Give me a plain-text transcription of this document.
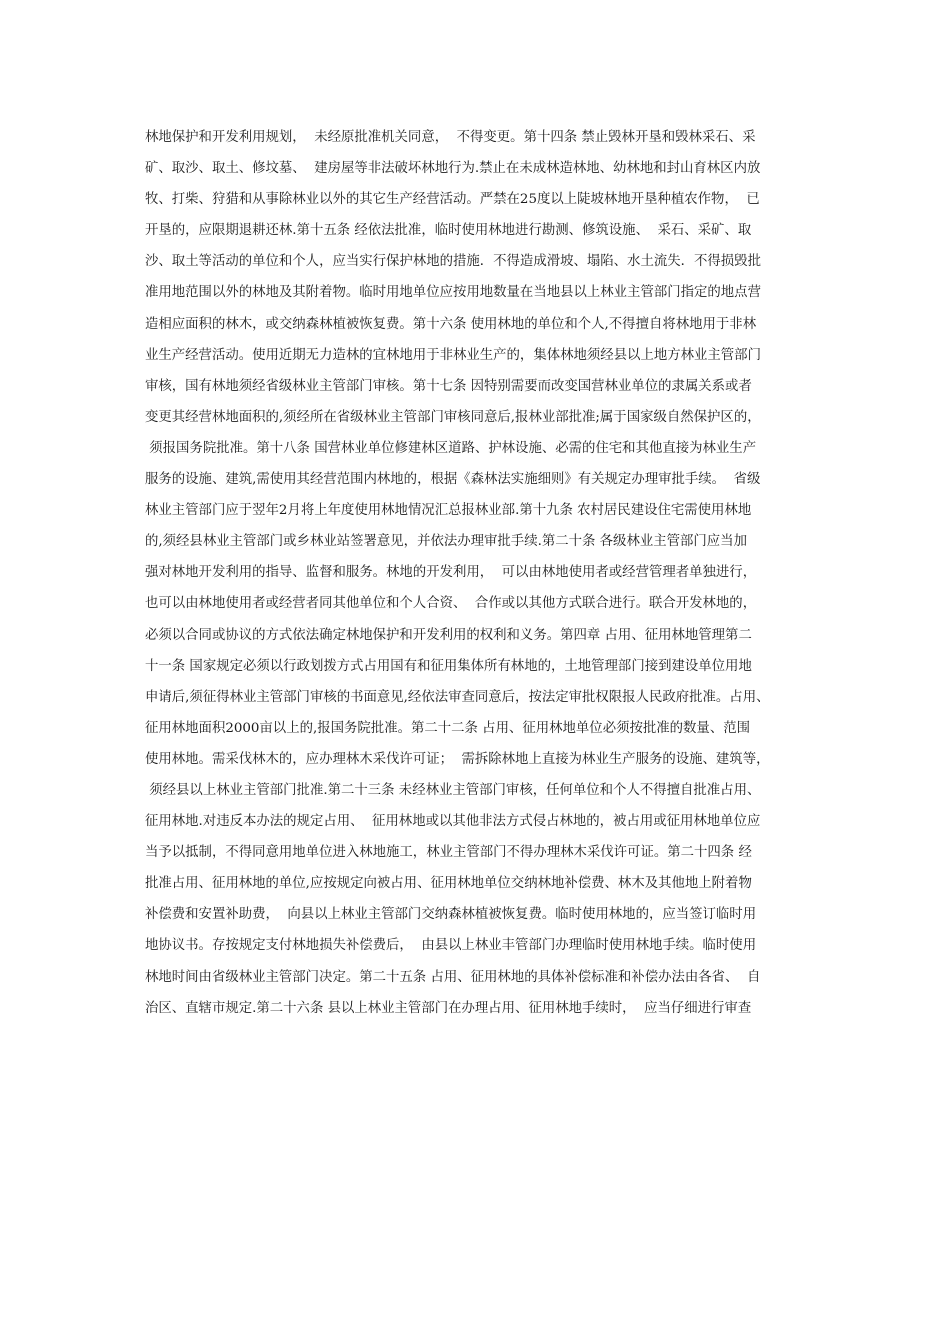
林地保护和开发利用规划，  未经原批准机关同意，  不得变更。第十四条 禁止毁林开垦和毁林采石、采
矿、取沙、取土、修坟墓、  建房屋等非法破坏林地行为.禁止在未成林造林地、幼林地和封山育林区内放
牧、打柴、狩猎和从事除林业以外的其它生产经营活动。严禁在25度以上陡坡林地开垦种植农作物，  已
开垦的，应限期退耕还林.第十五条 经依法批准，临时使用林地进行勘测、修筑设施、  采石、采矿、取
沙、取土等活动的单位和个人，应当实行保护林地的措施．不得造成滑坡、塌陷、水土流失．不得损毁批
准用地范围以外的林地及其附着物。临时用地单位应按用地数量在当地县以上林业主管部门指定的地点营
造相应面积的林木，或交纳森林植被恢复费。第十六条 使用林地的单位和个人,不得擅自将林地用于非林
业生产经营活动。使用近期无力造林的宜林地用于非林业生产的，集体林地须经县以上地方林业主管部门
审核，国有林地须经省级林业主管部门审核。第十七条 因特别需要而改变国营林业单位的隶属关系或者
变更其经营林地面积的,须经所在省级林业主管部门审核同意后,报林业部批准;属于国家级自然保护区的，
须报国务院批准。第十八条 国营林业单位修建林区道路、护林设施、必需的住宅和其他直接为林业生产
服务的设施、建筑,需使用其经营范围内林地的，根据《森林法实施细则》有关规定办理审批手续。  省级
林业主管部门应于翌年2月将上年度使用林地情况汇总报林业部.第十九条 农村居民建设住宅需使用林地
的,须经县林业主管部门或乡林业站签署意见，并依法办理审批手续.第二十条 各级林业主管部门应当加
强对林地开发利用的指导、监督和服务。林地的开发利用，  可以由林地使用者或经营管理者单独进行，
也可以由林地使用者或经营者同其他单位和个人合资、  合作或以其他方式联合进行。联合开发林地的，
必须以合同或协议的方式依法确定林地保护和开发利用的权利和义务。第四章 占用、征用林地管理第二
十一条 国家规定必须以行政划拨方式占用国有和征用集体所有林地的，土地管理部门接到建设单位用地
申请后,须征得林业主管部门审核的书面意见,经依法审查同意后，按法定审批权限报人民政府批准。占用、
征用林地面积2000亩以上的,报国务院批准。第二十二条 占用、征用林地单位必须按批准的数量、范围
使用林地。需采伐林木的，应办理林木采伐许可证；  需拆除林地上直接为林业生产服务的设施、建筑等，
须经县以上林业主管部门批准.第二十三条 未经林业主管部门审核，任何单位和个人不得擅自批准占用、
征用林地.对违反本办法的规定占用、  征用林地或以其他非法方式侵占林地的，被占用或征用林地单位应
当予以抵制，不得同意用地单位进入林地施工，林业主管部门不得办理林木采伐许可证。第二十四条 经
批准占用、征用林地的单位,应按规定向被占用、征用林地单位交纳林地补偿费、林木及其他地上附着物
补偿费和安置补助费，  向县以上林业主管部门交纳森林植被恢复费。临时使用林地的，应当签订临时用
地协议书。存按规定支付林地损失补偿费后，  由县以上林业丰管部门办理临时使用林地手续。临时使用
林地时间由省级林业主管部门决定。第二十五条 占用、征用林地的具体补偿标准和补偿办法由各省、  自
治区、直辖市规定.第二十六条 县以上林业主管部门在办理占用、征用林地手续时，  应当仔细进行审查
